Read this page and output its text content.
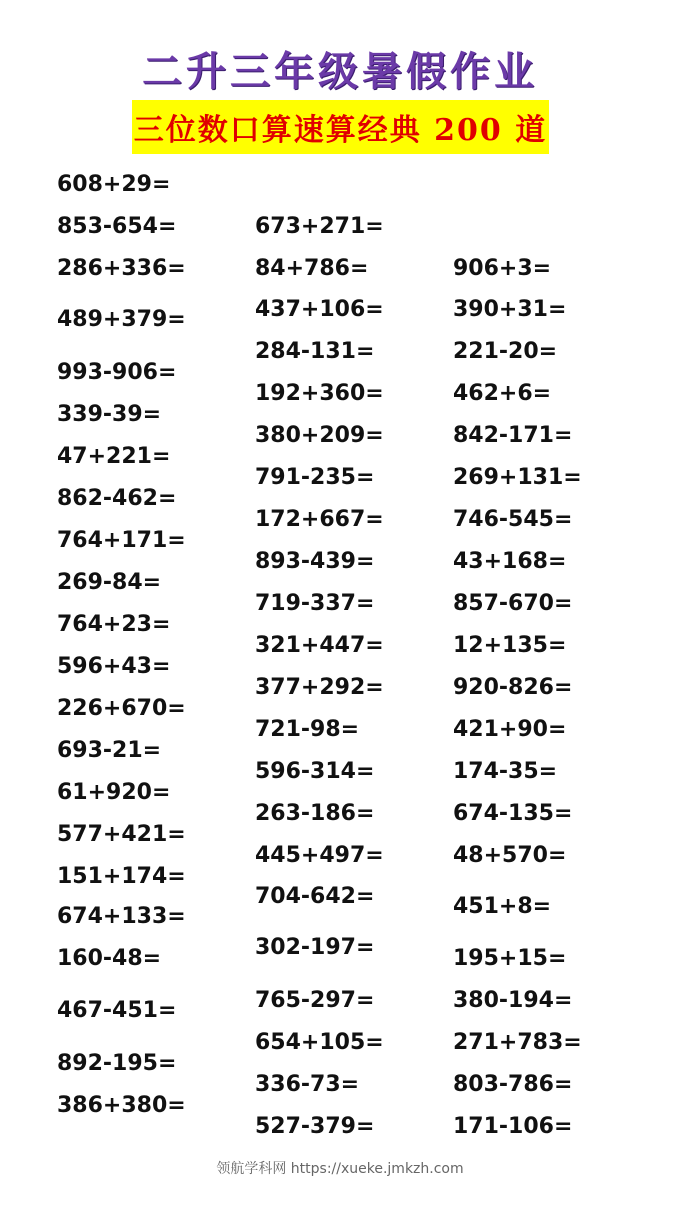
二升三年级暑假作业
三位数口算速算经典 200 道
608+29=
853-654=
286+336=
489+379=
993-906=
339-39=
47+221=
862-462=
764+171=
269-84=
764+23=
596+43=
226+670=
693-21=
61+920=
577+421=
151+174=
674+133=
160-48=
467-451=
892-195=
386+380=
673+271=
84+786=
437+106=
284-131=
192+360=
380+209=
791-235=
172+667=
893-439=
719-337=
321+447=
377+292=
721-98=
596-314=
263-186=
445+497=
704-642=
302-197=
765-297=
654+105=
336-73=
527-379=
906+3=
390+31=
221-20=
462+6=
842-171=
269+131=
746-545=
43+168=
857-670=
12+135=
920-826=
421+90=
174-35=
674-135=
48+570=
451+8=
195+15=
380-194=
271+783=
803-786=
171-106=
领航学科网 https://xueke.jmkzh.com
